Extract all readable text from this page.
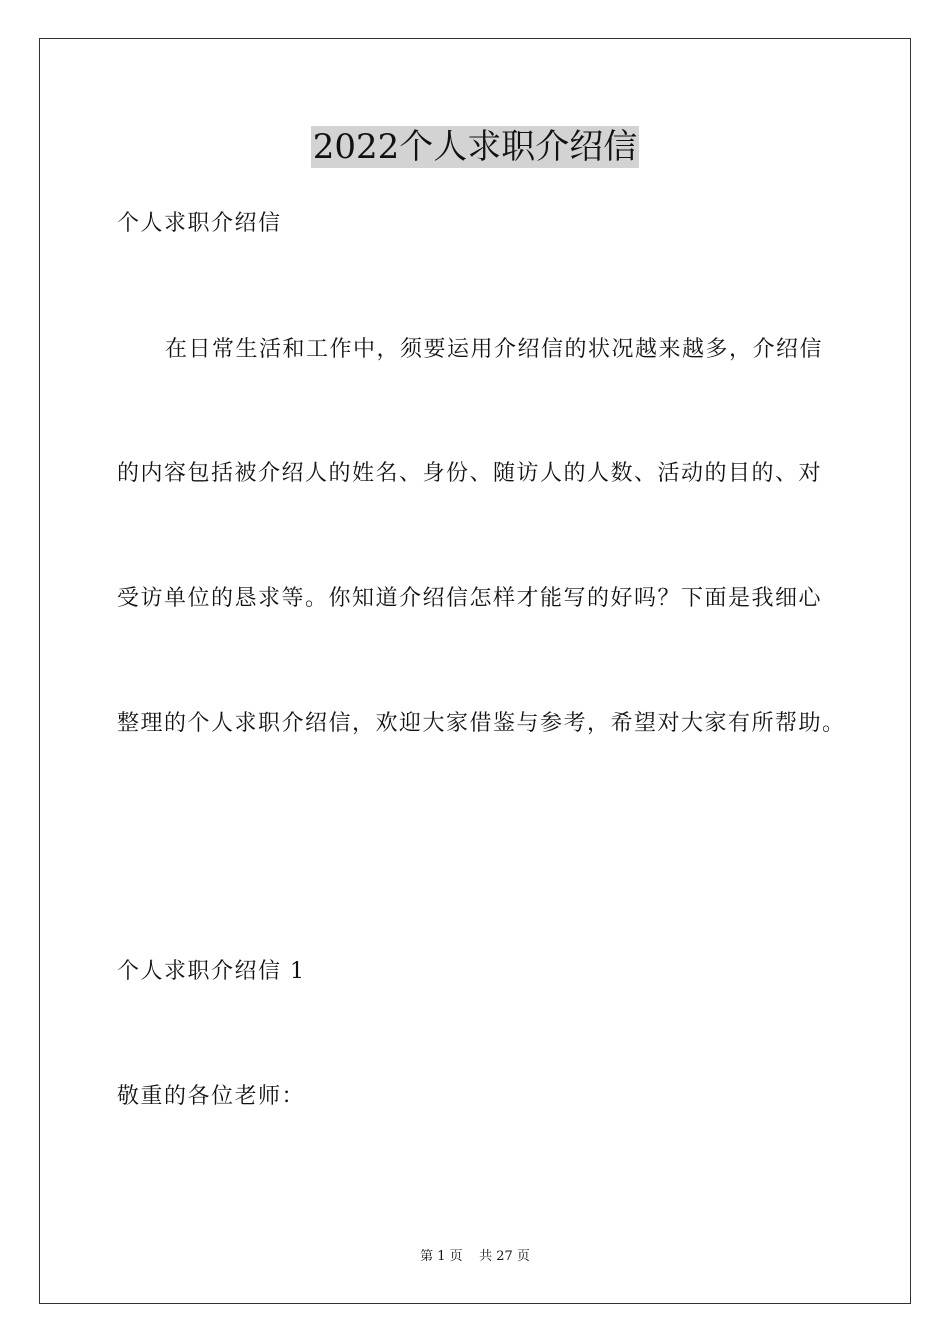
2022个人求职介绍信
个人求职介绍信
在日常生活和工作中，须要运用介绍信的状况越来越多，介绍信
的内容包括被介绍人的姓名、身份、随访人的人数、活动的目的、对
受访单位的恳求等。你知道介绍信怎样才能写的好吗？下面是我细心
整理的个人求职介绍信，欢迎大家借鉴与参考，希望对大家有所帮助。
个人求职介绍信 1
敬重的各位老师：
第 1 页    共 27 页
